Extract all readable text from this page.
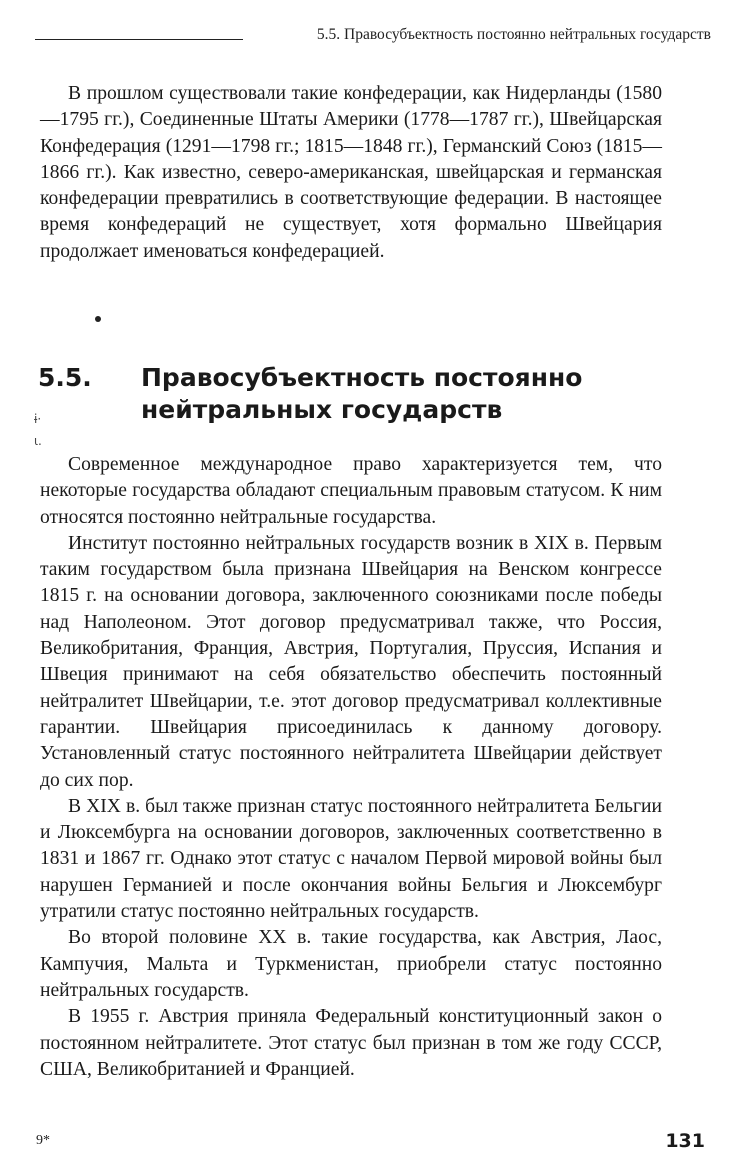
5.5. Правосубъектность постоянно нейтральных государств

В прошлом существовали такие конфедерации, как Нидерланды (1580—1795 гг.), Соединенные Штаты Америки (1778—1787 гг.), Швейцарская Конфедерация (1291—1798 гг.; 1815—1848 гг.), Германский Союз (1815—1866 гг.). Как известно, северо-американская, швейцарская и германская конфедерации превратились в соответствующие федерации. В настоящее время конфедераций не существует, хотя формально Швейцария продолжает именоваться конфедерацией.

5.5. Правосубъектность постоянно нейтральных государств
ɨ·
ɩ.

Современное международное право характеризуется тем, что некоторые государства обладают специальным правовым статусом. К ним относятся постоянно нейтральные государства.

Институт постоянно нейтральных государств возник в XIX в. Первым таким государством была признана Швейцария на Венском конгрессе 1815 г. на основании договора, заключенного союзниками после победы над Наполеоном. Этот договор предусматривал также, что Россия, Великобритания, Франция, Австрия, Португалия, Пруссия, Испания и Швеция принимают на себя обязательство обеспечить постоянный нейтралитет Швейцарии, т.е. этот договор предусматривал коллективные гарантии. Швейцария присоединилась к данному договору. Установленный статус постоянного нейтралитета Швейцарии действует до сих пор.

В XIX в. был также признан статус постоянного нейтралитета Бельгии и Люксембурга на основании договоров, заключенных соответственно в 1831 и 1867 гг. Однако этот статус с началом Первой мировой войны был нарушен Германией и после окончания войны Бельгия и Люксембург утратили статус постоянно нейтральных государств.

Во второй половине XX в. такие государства, как Австрия, Лаос, Кампучия, Мальта и Туркменистан, приобрели статус постоянно нейтральных государств.

В 1955 г. Австрия приняла Федеральный конституционный закон о постоянном нейтралитете. Этот статус был признан в том же году СССР, США, Великобританией и Францией.

9*	131
